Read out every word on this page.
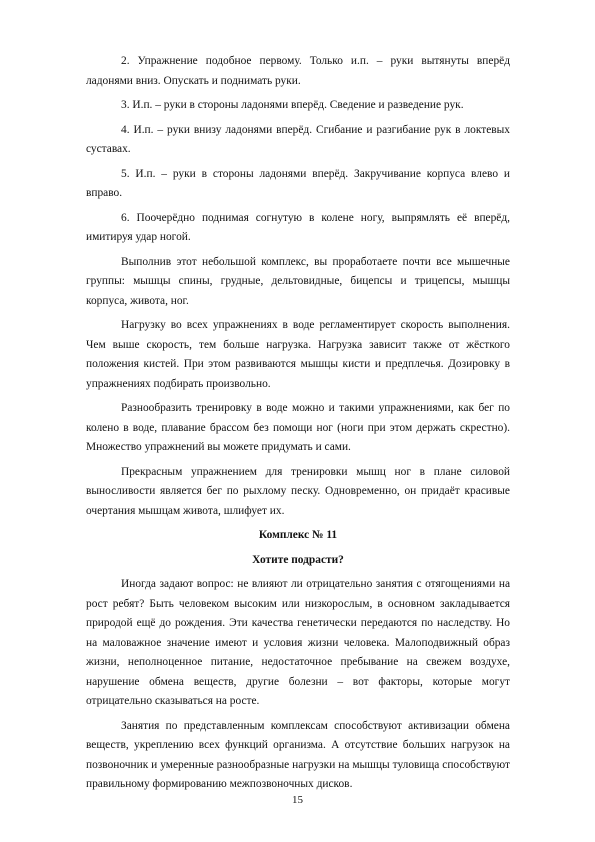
2. Упражнение подобное первому. Только и.п. – руки вытянуты вперёд ладонями вниз. Опускать и поднимать руки.

3. И.п. – руки в стороны ладонями вперёд. Сведение и разведение рук.

4. И.п. – руки внизу ладонями вперёд. Сгибание и разгибание рук в локтевых суставах.

5. И.п. – руки в стороны ладонями вперёд. Закручивание корпуса влево и вправо.

6. Поочерёдно поднимая согнутую в колене ногу, выпрямлять её вперёд, имитируя удар ногой.

Выполнив этот небольшой комплекс, вы проработаете почти все мышечные группы: мышцы спины, грудные, дельтовидные, бицепсы и трицепсы, мышцы корпуса, живота, ног.

Нагрузку во всех упражнениях в воде регламентирует скорость выполнения. Чем выше скорость, тем больше нагрузка. Нагрузка зависит также от жёсткого положения кистей. При этом развиваются мышцы кисти и предплечья. Дозировку в упражнениях подбирать произвольно.

Разнообразить тренировку в воде можно и такими упражнениями, как бег по колено в воде, плавание брассом без помощи ног (ноги при этом держать скрестно). Множество упражнений вы можете придумать и сами.

Прекрасным упражнением для тренировки мышц ног в плане силовой выносливости является бег по рыхлому песку. Одновременно, он придаёт красивые очертания мышцам живота, шлифует их.

Комплекс № 11

Хотите подрасти?

Иногда задают вопрос: не влияют ли отрицательно занятия с отягощениями на рост ребят? Быть человеком высоким или низкорослым, в основном закладывается природой ещё до рождения. Эти качества генетически передаются по наследству. Но на маловажное значение имеют и условия жизни человека. Малоподвижный образ жизни, неполноценное питание, недостаточное пребывание на свежем воздухе, нарушение обмена веществ, другие болезни – вот факторы, которые могут отрицательно сказываться на росте.

Занятия по представленным комплексам способствуют активизации обмена веществ, укреплению всех функций организма. А отсутствие больших нагрузок на позвоночник и умеренные разнообразные нагрузки на мышцы туловища способствуют правильному формированию межпозвоночных дисков.

15
